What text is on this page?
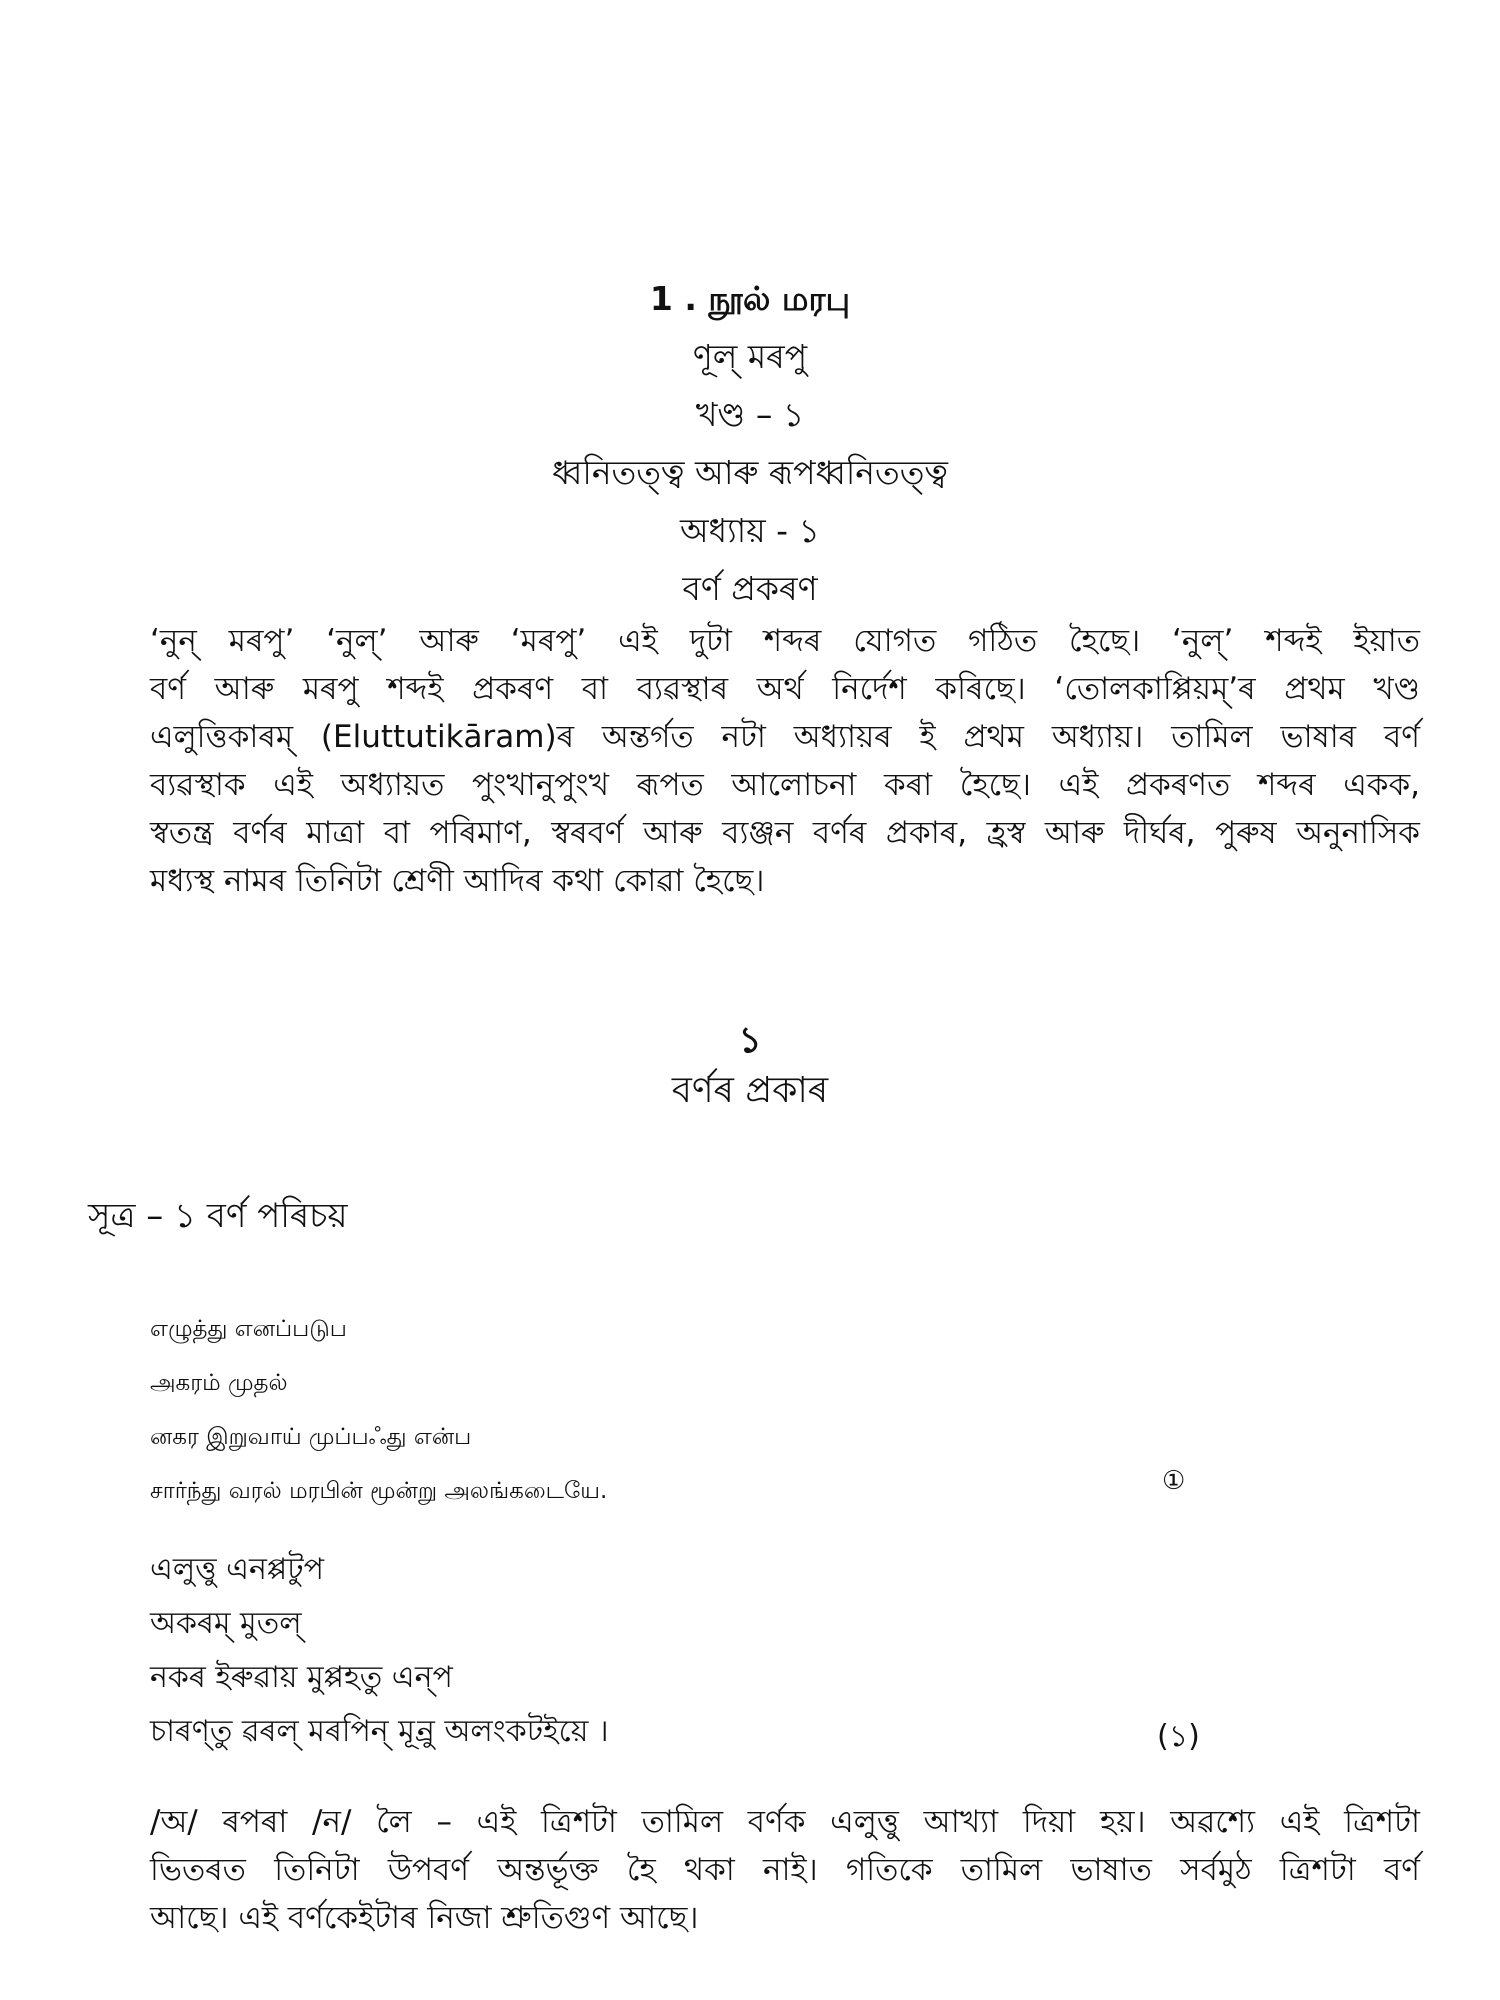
1 . நூல் மரபு
ণূল্ মৰপু
খণ্ড – ১
ধ্বনিতত্ত্ব আৰু ৰূপধ্বনিতত্ত্ব
অধ্যায় - ১
বৰ্ণ প্ৰকৰণ
‘নুন্ মৰপু’ ‘নুল্’ আৰু ‘মৰপু’ এই দুটা শব্দৰ যোগত গঠিত হৈছে। ‘নুল্’ শব্দই ইয়াত
বৰ্ণ আৰু মৰপু শব্দই প্ৰকৰণ বা ব্যৱস্থাৰ অৰ্থ নিৰ্দেশ কৰিছে। ‘তোলকাপ্পিয়ম্’ৰ প্ৰথম খণ্ড
এলুত্তিকাৰম্ (Eluttutikāram)ৰ অন্তৰ্গত নটা অধ্যায়ৰ ই প্ৰথম অধ্যায়। তামিল ভাষাৰ বৰ্ণ
ব্যৱস্থাক এই অধ্যায়ত পুংখানুপুংখ ৰূপত আলোচনা কৰা হৈছে। এই প্ৰকৰণত শব্দৰ একক,
স্বতন্ত্ৰ বৰ্ণৰ মাত্ৰা বা পৰিমাণ, স্বৰবৰ্ণ আৰু ব্যঞ্জন বৰ্ণৰ প্ৰকাৰ, হ্ৰস্ব আৰু দীৰ্ঘৰ, পুৰুষ অনুনাসিক
মধ্যস্থ নামৰ তিনিটা শ্ৰেণী আদিৰ কথা কোৱা হৈছে।
১
বৰ্ণৰ প্ৰকাৰ
সূত্ৰ – ১ বৰ্ণ পৰিচয়
எழுத்து எனப்படுப
அகரம் முதல்
னகர இறுவாய் முப்பஃது என்ப
சார்ந்து வரல் மரபின் மூன்று அலங்கடையே.	①
এলুত্তু এনপ্পটুপ
অকৰম্ মুতল্
নকৰ ইৰুৱায় মুপ্পহতু এন্প
চাৰণ্তু ৱৰল্ মৰপিন্ মূন্ৰু অলংকটইয়ে ।	(১)
/অ/ ৰপৰা /ন/ লৈ – এই ত্ৰিশটা তামিল বৰ্ণক এলুত্তু আখ্যা দিয়া হয়। অৱশ্যে এই ত্ৰিশটা
ভিতৰত তিনিটা উপবৰ্ণ অন্তৰ্ভূক্ত হৈ থকা নাই। গতিকে তামিল ভাষাত সৰ্বমুঠ ত্ৰিশটা বৰ্ণ
আছে। এই বৰ্ণকেইটাৰ নিজা শ্ৰুতিগুণ আছে।
